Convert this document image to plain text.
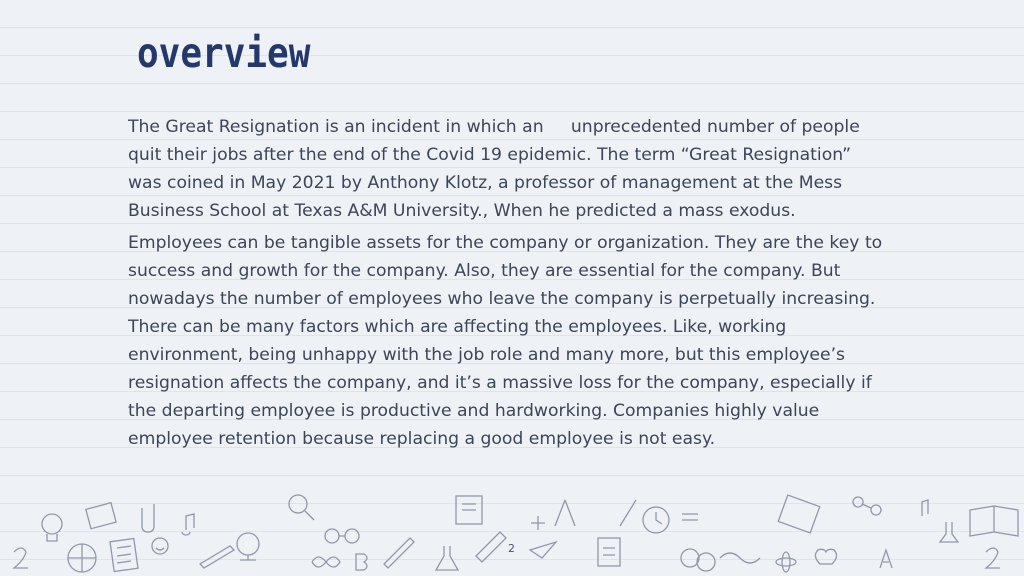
overview

The Great Resignation is an incident in which an     unprecedented number of people quit their jobs after the end of the Covid 19 epidemic. The term “Great Resignation” was coined in May 2021 by Anthony Klotz, a professor of management at the Mess Business School at Texas A&M University., When he predicted a mass exodus.

Employees can be tangible assets for the company or organization. They are the key to success and growth for the company. Also, they are essential for the company. But nowadays the number of employees who leave the company is perpetually increasing. There can be many factors which are affecting the employees. Like, working environment, being unhappy with the job role and many more, but this employee’s resignation affects the company, and it’s a massive loss for the company, especially if the departing employee is productive and hardworking. Companies highly value employee retention because replacing a good employee is not easy.

2
